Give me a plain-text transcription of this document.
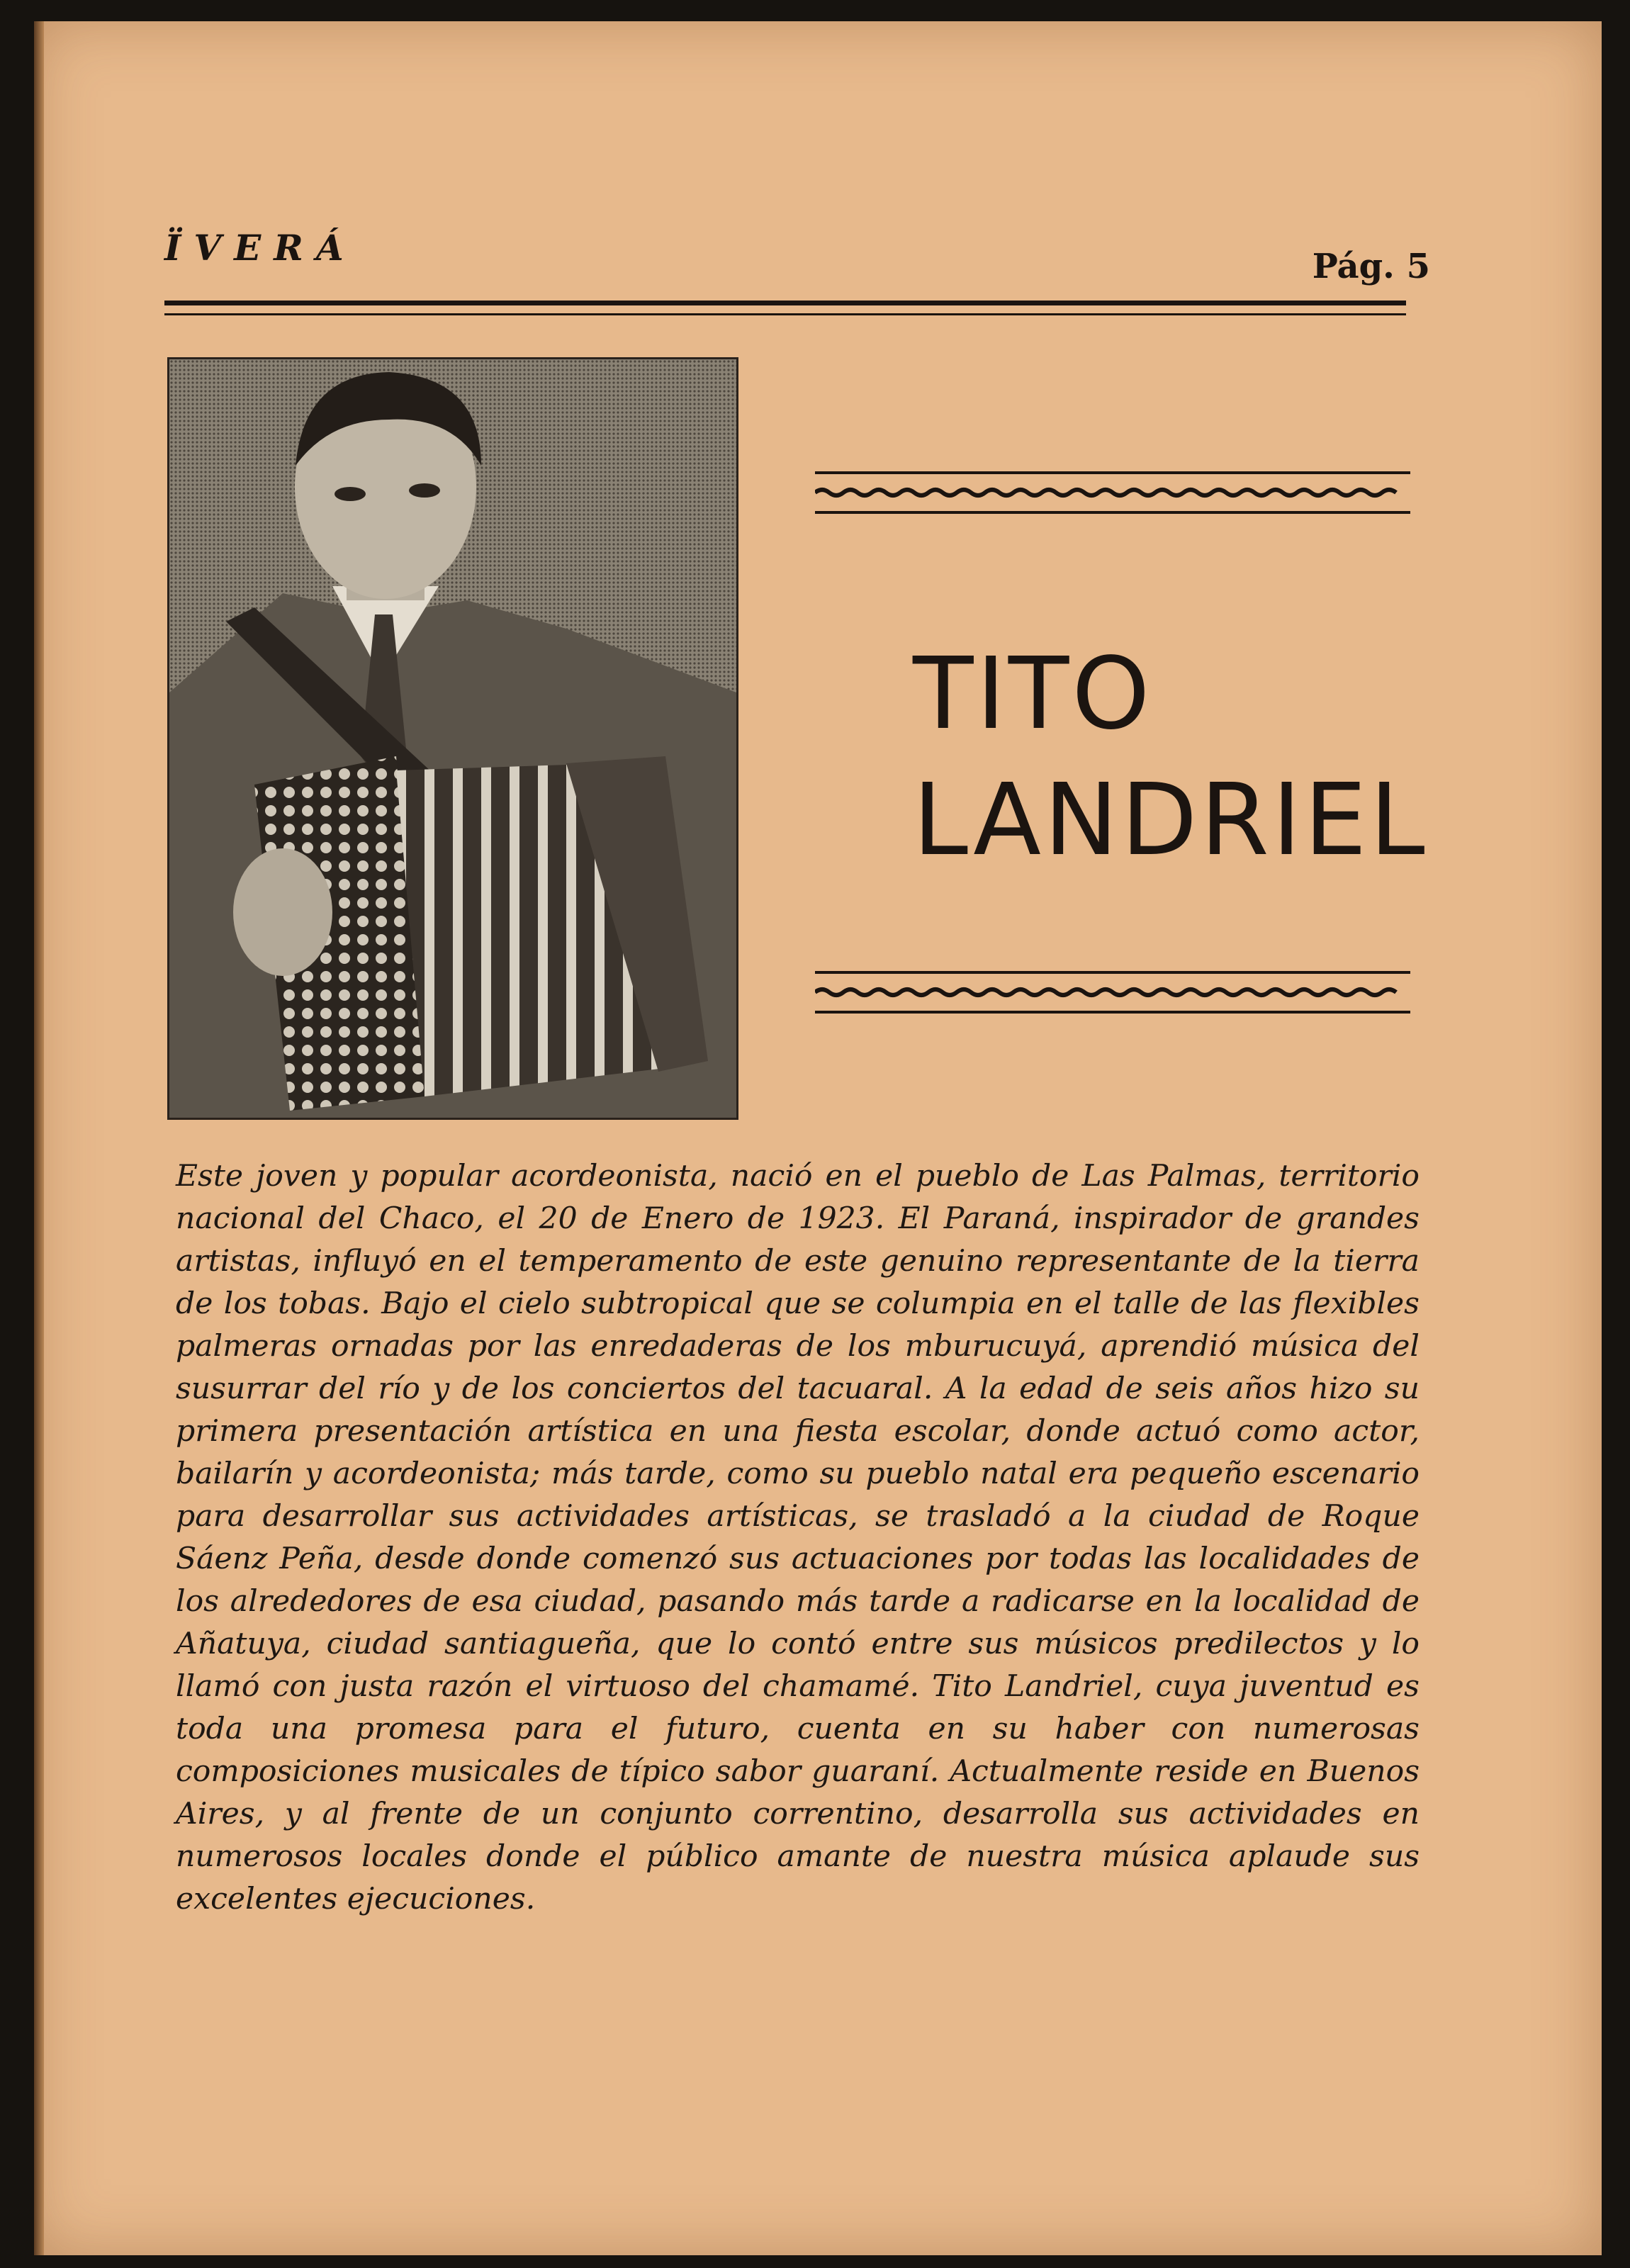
ÏVERÁ	Pág. 5

TITO
LANDRIEL

Este joven y popular acordeonista, nació en el pueblo de Las Palmas, territorio nacional del Chaco, el 20 de Enero de 1923. El Paraná, inspirador de grandes artistas, influyó en el temperamento de este genuino representante de la tierra de los tobas. Bajo el cielo subtropical que se columpia en el talle de las flexibles palmeras ornadas por las enredaderas de los mburucuyá, aprendió música del susurrar del río y de los conciertos del tacuaral. A la edad de seis años hizo su primera presentación artística en una fiesta escolar, donde actuó como actor, bailarín y acordeonista; más tarde, como su pueblo natal era pequeño escenario para desarrollar sus actividades artísticas, se trasladó a la ciudad de Roque Sáenz Peña, desde donde comenzó sus actuaciones por todas las localidades de los alrededores de esa ciudad, pasando más tarde a radicarse en la localidad de Añatuya, ciudad santiagueña, que lo contó entre sus músicos predilectos y lo llamó con justa razón el virtuoso del chamamé. Tito Landriel, cuya juventud es toda una promesa para el futuro, cuenta en su haber con numerosas composiciones musicales de típico sabor guaraní. Actualmente reside en Buenos Aires, y al frente de un conjunto correntino, desarrolla sus actividades en numerosos locales donde el público amante de nuestra música aplaude sus excelentes ejecuciones.
